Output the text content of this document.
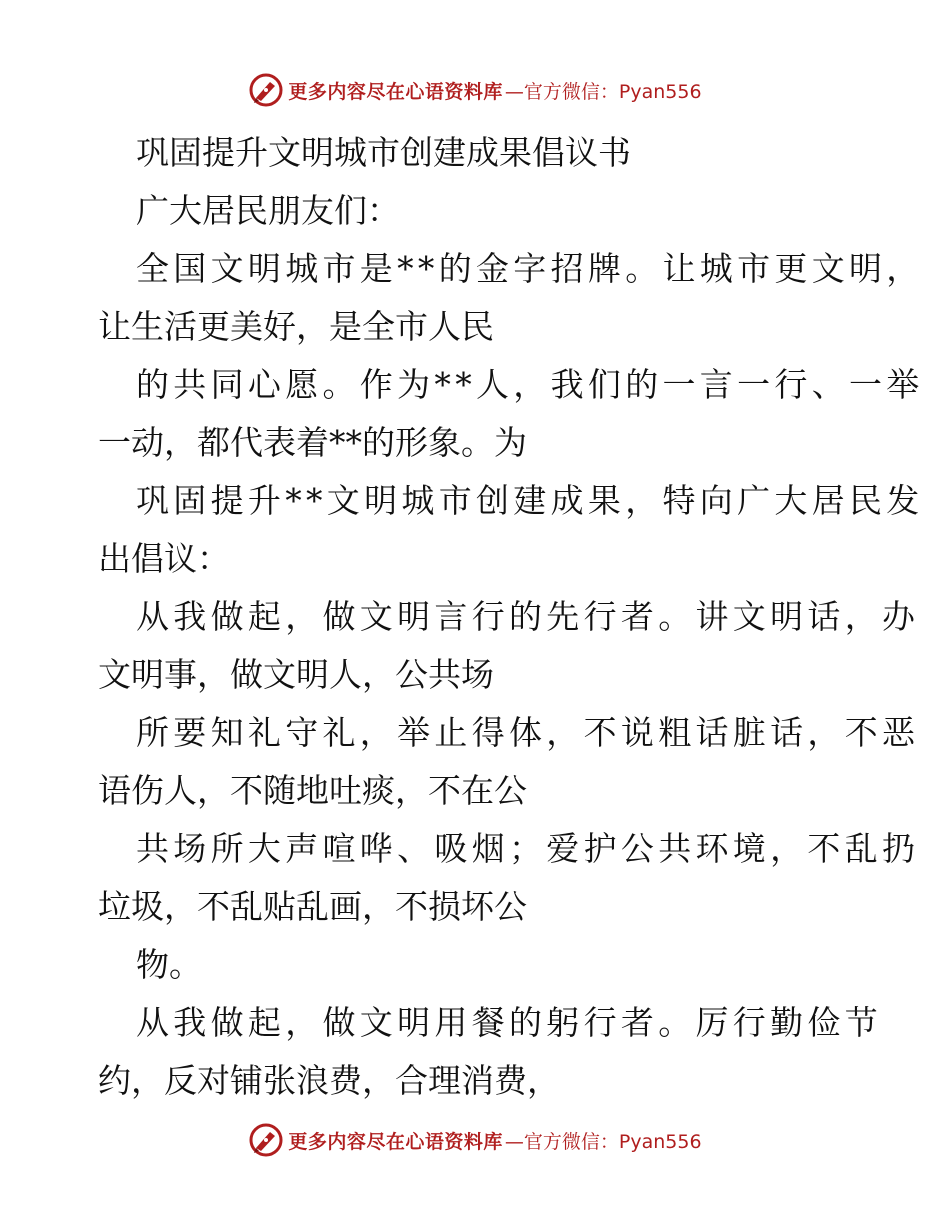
更多内容尽在心语资料库 —官方微信：Pyan556
巩固提升文明城市创建成果倡议书
广大居民朋友们：
全国文明城市是**的金字招牌。让城市更文明，
让生活更美好，是全市人民
的共同心愿。作为**人，我们的一言一行、一举
一动，都代表着**的形象。为
巩固提升**文明城市创建成果，特向广大居民发
出倡议：
从我做起，做文明言行的先行者。讲文明话，办
文明事，做文明人，公共场
所要知礼守礼，举止得体，不说粗话脏话，不恶
语伤人，不随地吐痰，不在公
共场所大声喧哗、吸烟；爱护公共环境，不乱扔
垃圾，不乱贴乱画，不损坏公
物。
从我做起，做文明用餐的躬行者。厉行勤俭节
约，反对铺张浪费，合理消费，
更多内容尽在心语资料库 —官方微信：Pyan556
